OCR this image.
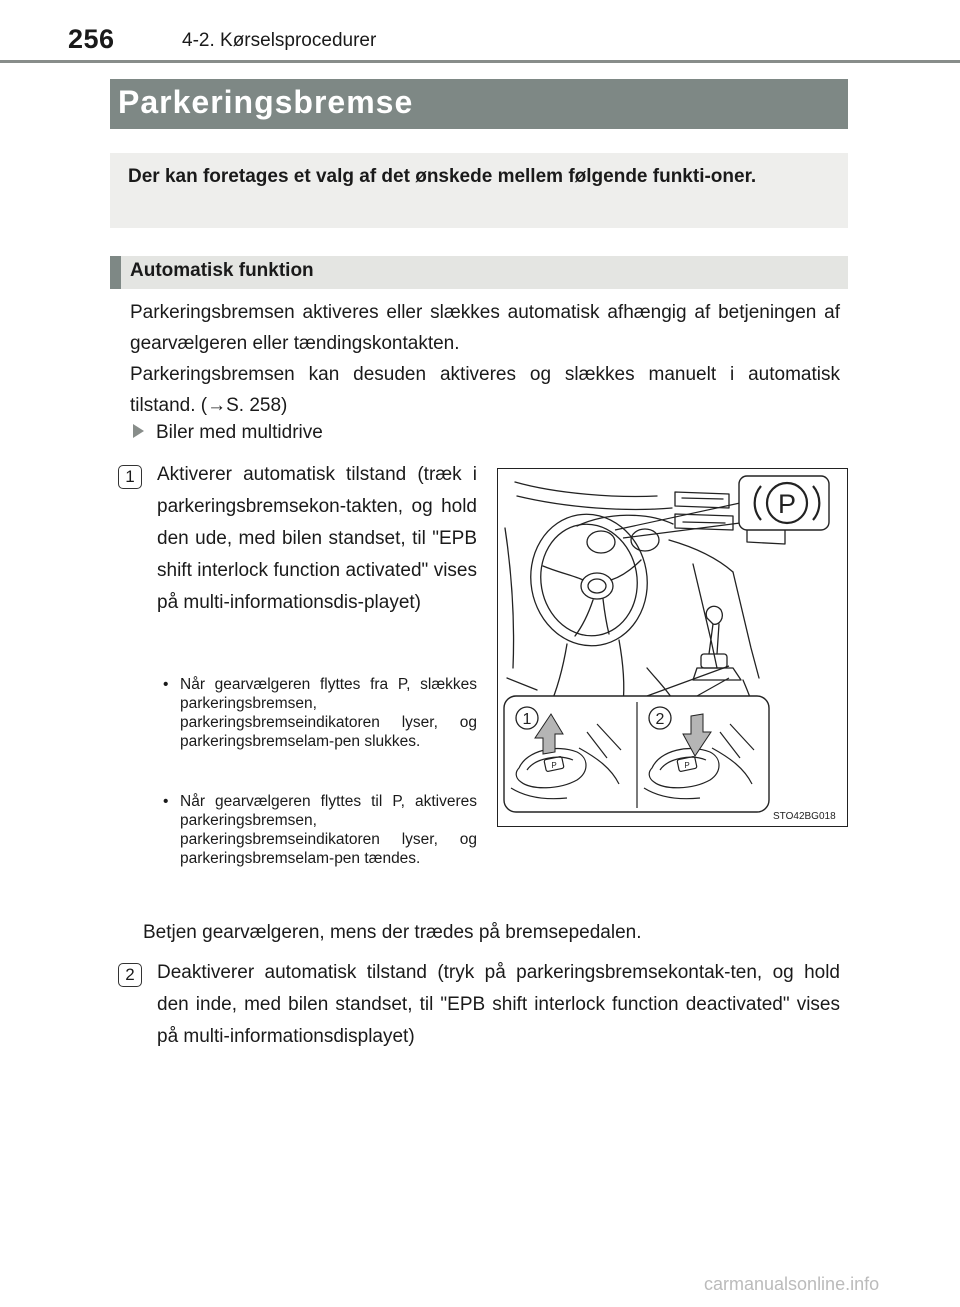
256	4-2. Kørselsprocedurer
Parkeringsbremse
Der kan foretages et valg af det ønskede mellem følgende funkti-oner.
Automatisk funktion
Parkeringsbremsen aktiveres eller slækkes automatisk afhængig af betjeningen af gearvælgeren eller tændingskontakten.
Parkeringsbremsen kan desuden aktiveres og slækkes manuelt i automatisk tilstand. (→S. 258)
Biler med multidrive
1	Aktiverer automatisk tilstand (træk i parkeringsbremsekon-takten, og hold den ude, med bilen standset, til "EPB shift interlock function activated" vises på multi-informationsdis-playet)
• Når gearvælgeren flyttes fra P, slækkes parkeringsbremsen, parkeringsbremseindikatoren lyser, og parkeringsbremselam-pen slukkes.
• Når gearvælgeren flyttes til P, aktiveres parkeringsbremsen, parkeringsbremseindikatoren lyser, og parkeringsbremselam-pen tændes.
Betjen gearvælgeren, mens der trædes på bremsepedalen.
2	Deaktiverer automatisk tilstand (tryk på parkeringsbremsekontak-ten, og hold den inde, med bilen standset, til "EPB shift interlock function deactivated" vises på multi-informationsdisplayet)
P
1	2
P	P
STO42BG018
carmanualsonline.info
